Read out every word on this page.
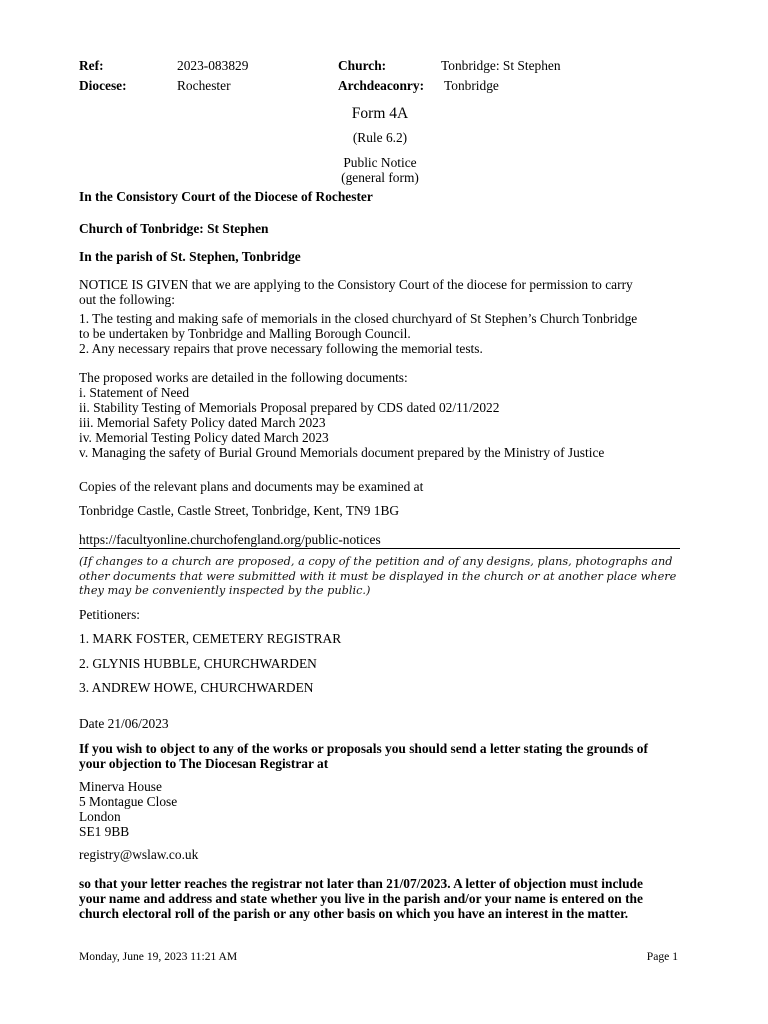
Ref:	2023-083829	Church:	Tonbridge: St Stephen
Diocese:	Rochester	Archdeaconry: Tonbridge
Form 4A
(Rule 6.2)
Public Notice
(general form)
In the Consistory Court of the Diocese of Rochester
Church of Tonbridge: St Stephen
In the parish of St. Stephen, Tonbridge
NOTICE IS GIVEN that we are applying to the Consistory Court of the diocese for permission to carry
out the following:
1. The testing and making safe of memorials in the closed churchyard of St Stephen’s Church Tonbridge
to be undertaken by Tonbridge and Malling Borough Council.
2. Any necessary repairs that prove necessary following the memorial tests.
The proposed works are detailed in the following documents:
i. Statement of Need
ii. Stability Testing of Memorials Proposal prepared by CDS dated 02/11/2022
iii. Memorial Safety Policy dated March 2023
iv. Memorial Testing Policy dated March 2023
v. Managing the safety of Burial Ground Memorials document prepared by the Ministry of Justice
Copies of the relevant plans and documents may be examined at
Tonbridge Castle, Castle Street, Tonbridge, Kent, TN9 1BG
https://facultyonline.churchofengland.org/public-notices
(If changes to a church are proposed, a copy of the petition and of any designs, plans, photographs and
other documents that were submitted with it must be displayed in the church or at another place where
they may be conveniently inspected by the public.)
Petitioners:
1. MARK FOSTER, CEMETERY REGISTRAR
2. GLYNIS HUBBLE, CHURCHWARDEN
3. ANDREW HOWE, CHURCHWARDEN
Date 21/06/2023
If you wish to object to any of the works or proposals you should send a letter stating the grounds of
your objection to The Diocesan Registrar at
Minerva House
5 Montague Close
London
SE1 9BB
registry@wslaw.co.uk
so that your letter reaches the registrar not later than 21/07/2023. A letter of objection must include
your name and address and state whether you live in the parish and/or your name is entered on the
church electoral roll of the parish or any other basis on which you have an interest in the matter.
Monday, June 19, 2023 11:21 AM	Page 1
